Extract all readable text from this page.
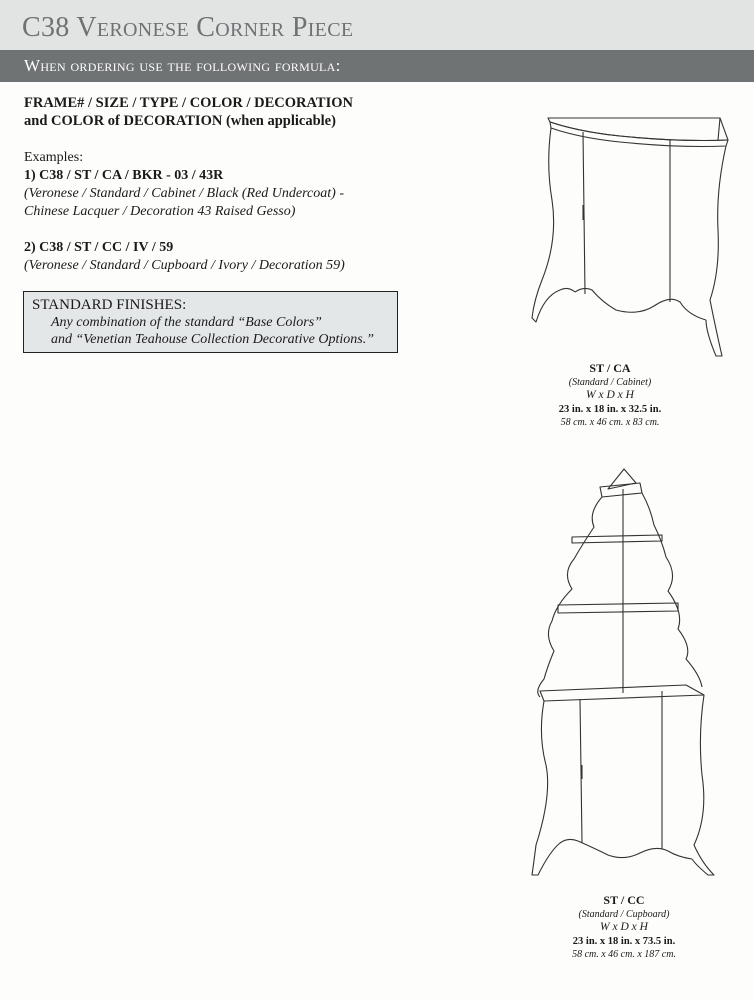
C38 Veronese Corner Piece
When ordering use the following formula:
FRAME# / SIZE / TYPE / COLOR / DECORATION
and COLOR of DECORATION (when applicable)
Examples:
1) C38 / ST / CA / BKR - 03 / 43R
(Veronese / Standard / Cabinet / Black (Red Undercoat) -
Chinese Lacquer / Decoration 43 Raised Gesso)
2) C38 / ST / CC / IV / 59
(Veronese / Standard / Cupboard / Ivory / Decoration 59)
STANDARD FINISHES:
Any combination of the standard “Base Colors”
and “Venetian Teahouse Collection Decorative Options.”
ST / CA
(Standard / Cabinet)
W x D x H
23 in. x 18 in. x 32.5 in.
58 cm. x 46 cm. x 83 cm.
ST / CC
(Standard / Cupboard)
W x D x H
23 in. x 18 in. x 73.5 in.
58 cm. x 46 cm. x 187 cm.
